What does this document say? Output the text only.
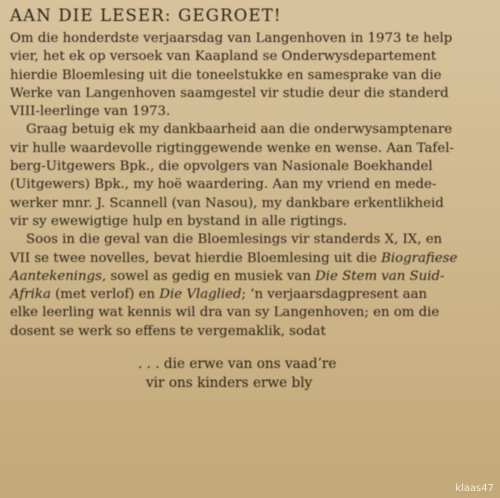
AAN DIE LESER: GEGROET!
Om die honderdste verjaarsdag van Langenhoven in 1973 te help
vier, het ek op versoek van Kaapland se Onderwysdepartement
hierdie Bloemlesing uit die toneelstukke en samesprake van die
Werke van Langenhoven saamgestel vir studie deur die standerd
VIII-leerlinge van 1973.
Graag betuig ek my dankbaarheid aan die onderwysamptenare
vir hulle waardevolle rigtinggewende wenke en wense. Aan Tafel-
berg-Uitgewers Bpk., die opvolgers van Nasionale Boekhandel
(Uitgewers) Bpk., my hoë waardering. Aan my vriend en mede-
werker mnr. J. Scannell (van Nasou), my dankbare erkentlikheid
vir sy ewewigtige hulp en bystand in alle rigtings.
Soos in die geval van die Bloemlesings vir standerds X, IX, en
VII se twee novelles, bevat hierdie Bloemlesing uit die Biografiese
Aantekenings, sowel as gedig en musiek van Die Stem van Suid-
Afrika (met verlof) en Die Vlaglied; ’n verjaarsdagpresent aan
elke leerling wat kennis wil dra van sy Langenhoven; en om die
dosent se werk so effens te vergemaklik, sodat
. . . die erwe van ons vaad’re
vir ons kinders erwe bly
klaas47
